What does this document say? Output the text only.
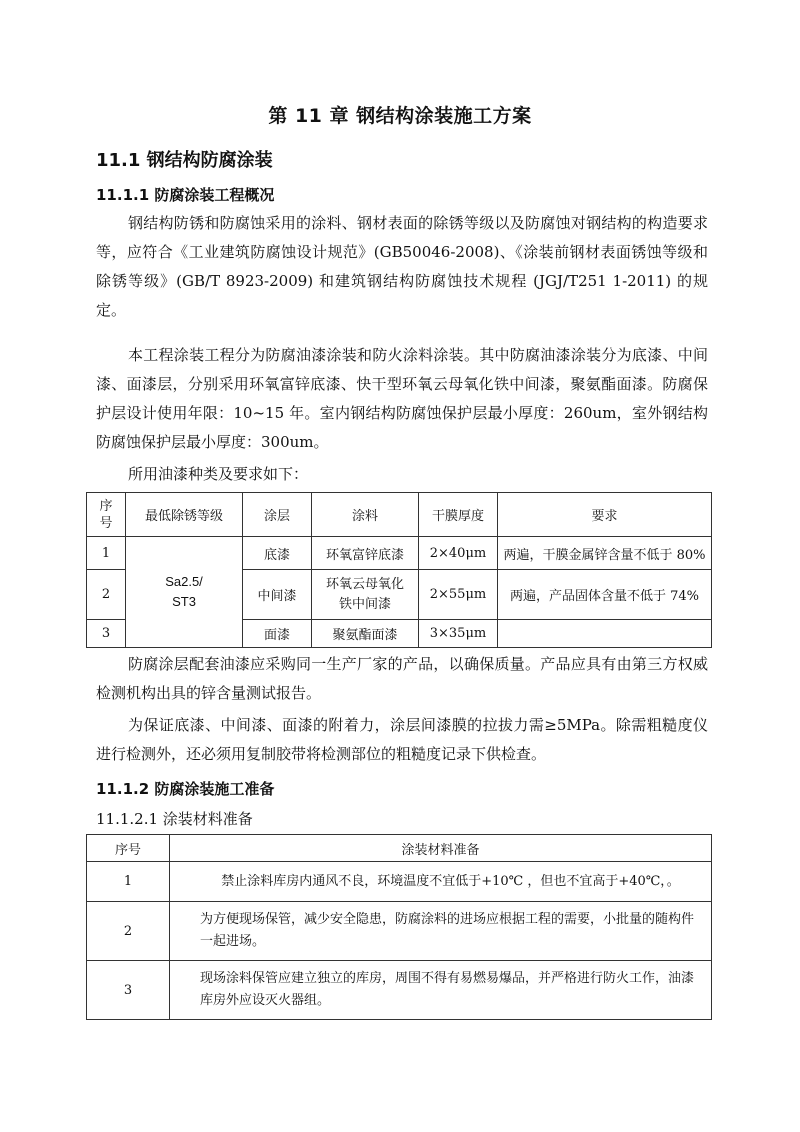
第 11 章 钢结构涂装施工方案
11.1 钢结构防腐涂装
11.1.1 防腐涂装工程概况
钢结构防锈和防腐蚀采用的涂料、钢材表面的除锈等级以及防腐蚀对钢结构的构造要求等，应符合《工业建筑防腐蚀设计规范》(GB50046-2008)、《涂装前钢材表面锈蚀等级和除锈等级》(GB/T 8923-2009) 和建筑钢结构防腐蚀技术规程 (JGJ/T251 1-2011) 的规定。
本工程涂装工程分为防腐油漆涂装和防火涂料涂装。其中防腐油漆涂装分为底漆、中间漆、面漆层，分别采用环氧富锌底漆、快干型环氧云母氧化铁中间漆，聚氨酯面漆。防腐保护层设计使用年限：10~15 年。室内钢结构防腐蚀保护层最小厚度：260um，室外钢结构防腐蚀保护层最小厚度：300um。
所用油漆种类及要求如下：
序号	最低除锈等级	涂层	涂料	干膜厚度	要求
1	Sa2.5/
ST3	底漆	环氧富锌底漆	2×40μm	两遍，干膜金属锌含量不低于 80%
2		中间漆	环氧云母氧化铁中间漆	2×55μm	两遍，产品固体含量不低于 74%
3		面漆	聚氨酯面漆	3×35μm	
防腐涂层配套油漆应采购同一生产厂家的产品，以确保质量。产品应具有由第三方权威检测机构出具的锌含量测试报告。
为保证底漆、中间漆、面漆的附着力，涂层间漆膜的拉拔力需≥5MPa。除需粗糙度仪进行检测外，还必须用复制胶带将检测部位的粗糙度记录下供检查。
11.1.2 防腐涂装施工准备
11.1.2.1 涂装材料准备
序号	涂装材料准备
1	禁止涂料库房内通风不良，环境温度不宜低于+10℃ ，但也不宜高于+40℃，。
2	为方便现场保管，减少安全隐患，防腐涂料的进场应根据工程的需要，小批量的随构件一起进场。
3	现场涂料保管应建立独立的库房，周围不得有易燃易爆品，并严格进行防火工作，油漆库房外应设灭火器组。
